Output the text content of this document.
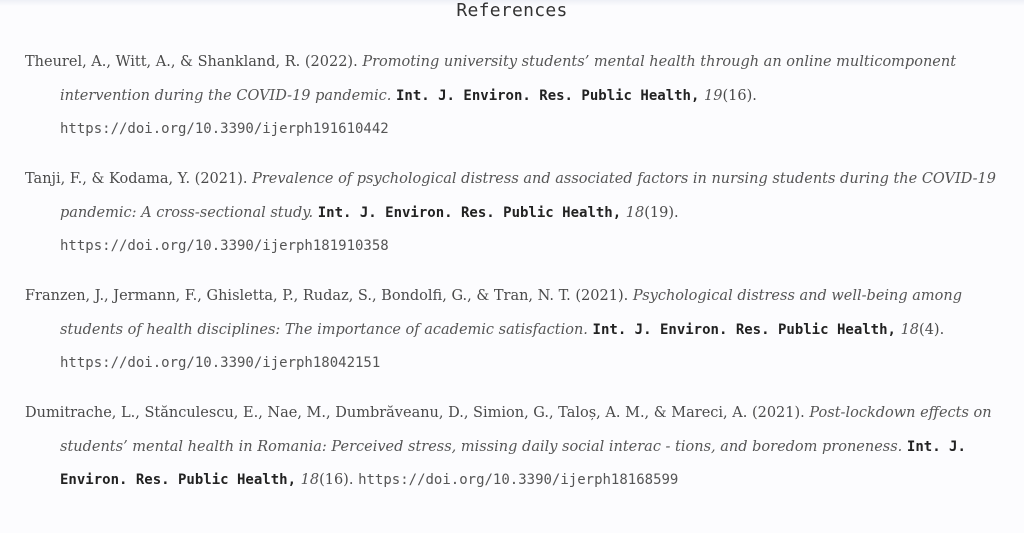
References
Theurel, A., Witt, A., & Shankland, R. (2022). Promoting university students’ mental health through an online multicomponent intervention during the COVID-19 pandemic. Int. J. Environ. Res. Public Health, 19(16). https://doi.org/10.3390/ijerph191610442
Tanji, F., & Kodama, Y. (2021). Prevalence of psychological distress and associated factors in nursing students during the COVID-19 pandemic: A cross-sectional study. Int. J. Environ. Res. Public Health, 18(19). https://doi.org/10.3390/ijerph181910358
Franzen, J., Jermann, F., Ghisletta, P., Rudaz, S., Bondolfi, G., & Tran, N. T. (2021). Psychological distress and well-being among students of health disciplines: The importance of academic satisfaction. Int. J. Environ. Res. Public Health, 18(4). https://doi.org/10.3390/ijerph18042151
Dumitrache, L., Stănculescu, E., Nae, M., Dumbrăveanu, D., Simion, G., Taloș, A. M., & Mareci, A. (2021). Post-lockdown effects on students’ mental health in Romania: Perceived stress, missing daily social interac - tions, and boredom proneness. Int. J. Environ. Res. Public Health, 18(16). https://doi.org/10.3390/ijerph18168599
